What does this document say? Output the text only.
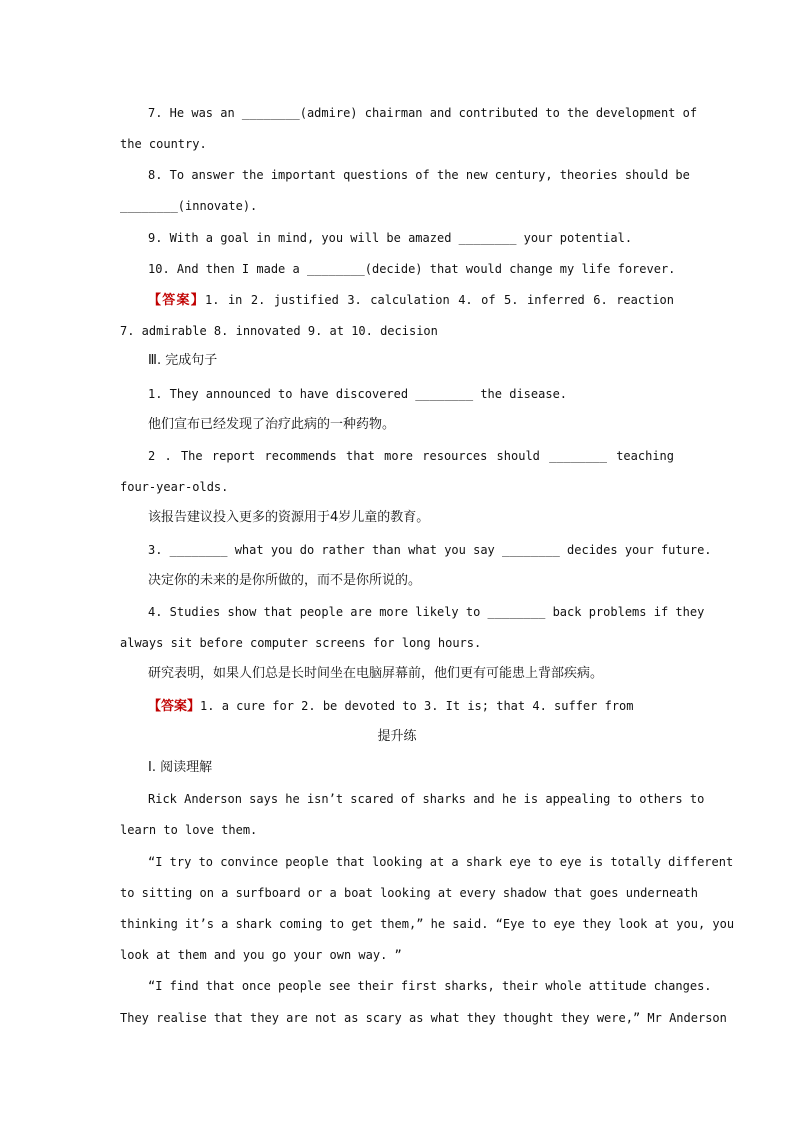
7. He was an ________(admire) chairman and contributed to the development of
the country.
8. To answer the important questions of the new century, theories should be
________(innovate).
9. With a goal in mind, you will be amazed ________ your potential.
10. And then I made a ________(decide) that would change my life forever.
【答案】1. in 2. justified 3. calculation 4. of 5. inferred 6. reaction
7. admirable 8. innovated 9. at 10. decision
Ⅲ. 完成句子
1. They announced to have discovered ________ the disease.
他们宣布已经发现了治疗此病的一种药物。
2 . The report recommends that more resources should ________ teaching
four-year-olds.
该报告建议投入更多的资源用于4岁儿童的教育。
3. ________ what you do rather than what you say ________ decides your future.
决定你的未来的是你所做的，而不是你所说的。
4. Studies show that people are more likely to ________ back problems if they
always sit before computer screens for long hours.
研究表明，如果人们总是长时间坐在电脑屏幕前，他们更有可能患上背部疾病。
【答案】1. a cure for 2. be devoted to 3. It is; that 4. suffer from
提升练
Ⅰ. 阅读理解
Rick Anderson says he isn’t scared of sharks and he is appealing to others to
learn to love them.
“I try to convince people that looking at a shark eye to eye is totally different
to sitting on a surfboard or a boat looking at every shadow that goes underneath
thinking it’s a shark coming to get them,” he said. “Eye to eye they look at you, you
look at them and you go your own way. ”
“I find that once people see their first sharks, their whole attitude changes.
They realise that they are not as scary as what they thought they were,” Mr Anderson
